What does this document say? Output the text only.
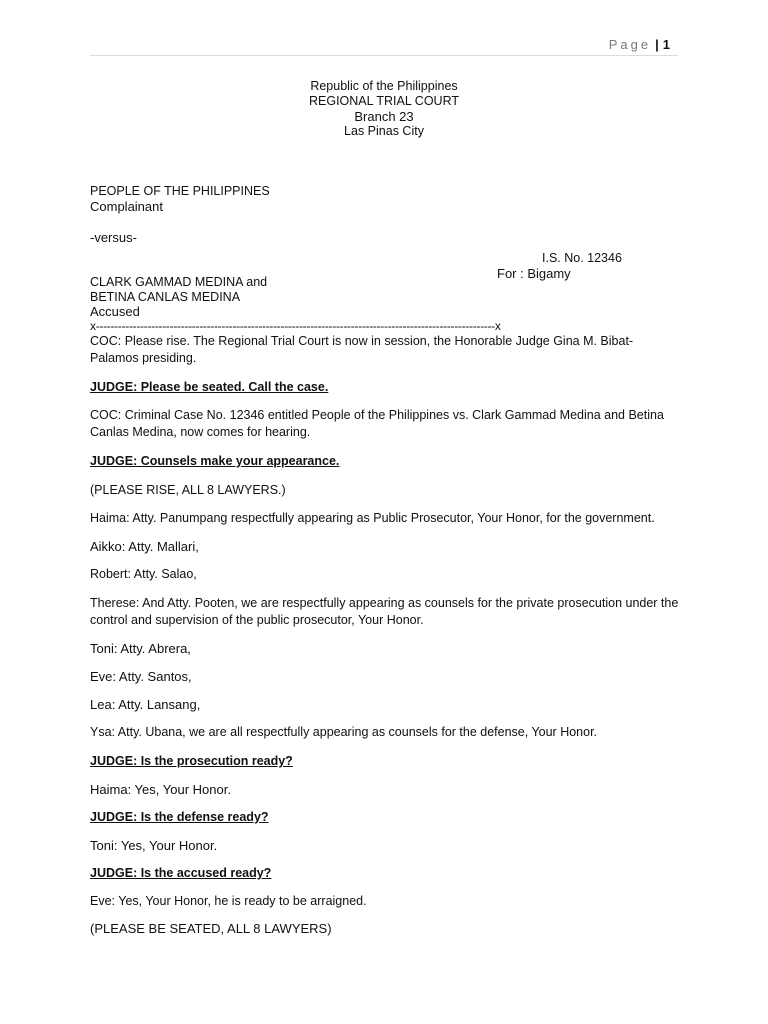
Page | 1
Republic of the Philippines
REGIONAL TRIAL COURT
Branch 23
Las Pinas City
PEOPLE OF THE PHILIPPINES
Complainant
-versus-
I.S. No. 12346
For : Bigamy
CLARK GAMMAD MEDINA and
BETINA CANLAS MEDINA
Accused
x------------------------------------------------------------------------------------------------------------x
COC: Please rise. The Regional Trial Court is now in session, the Honorable Judge Gina M. Bibat-Palamos presiding.
JUDGE: Please be seated. Call the case.
COC: Criminal Case No. 12346 entitled People of the Philippines vs. Clark Gammad Medina and Betina Canlas Medina, now comes for hearing.
JUDGE: Counsels make your appearance.
(PLEASE RISE, ALL 8 LAWYERS.)
Haima: Atty. Panumpang respectfully appearing as Public Prosecutor, Your Honor, for the government.
Aikko: Atty. Mallari,
Robert: Atty. Salao,
Therese: And Atty. Pooten, we are respectfully appearing as counsels for the private prosecution under the control and supervision of the public prosecutor, Your Honor.
Toni: Atty. Abrera,
Eve: Atty. Santos,
Lea: Atty. Lansang,
Ysa: Atty. Ubana, we are all respectfully appearing as counsels for the defense, Your Honor.
JUDGE: Is the prosecution ready?
Haima: Yes, Your Honor.
JUDGE: Is the defense ready?
Toni: Yes, Your Honor.
JUDGE: Is the accused ready?
Eve: Yes, Your Honor, he is ready to be arraigned.
(PLEASE BE SEATED, ALL 8 LAWYERS)
